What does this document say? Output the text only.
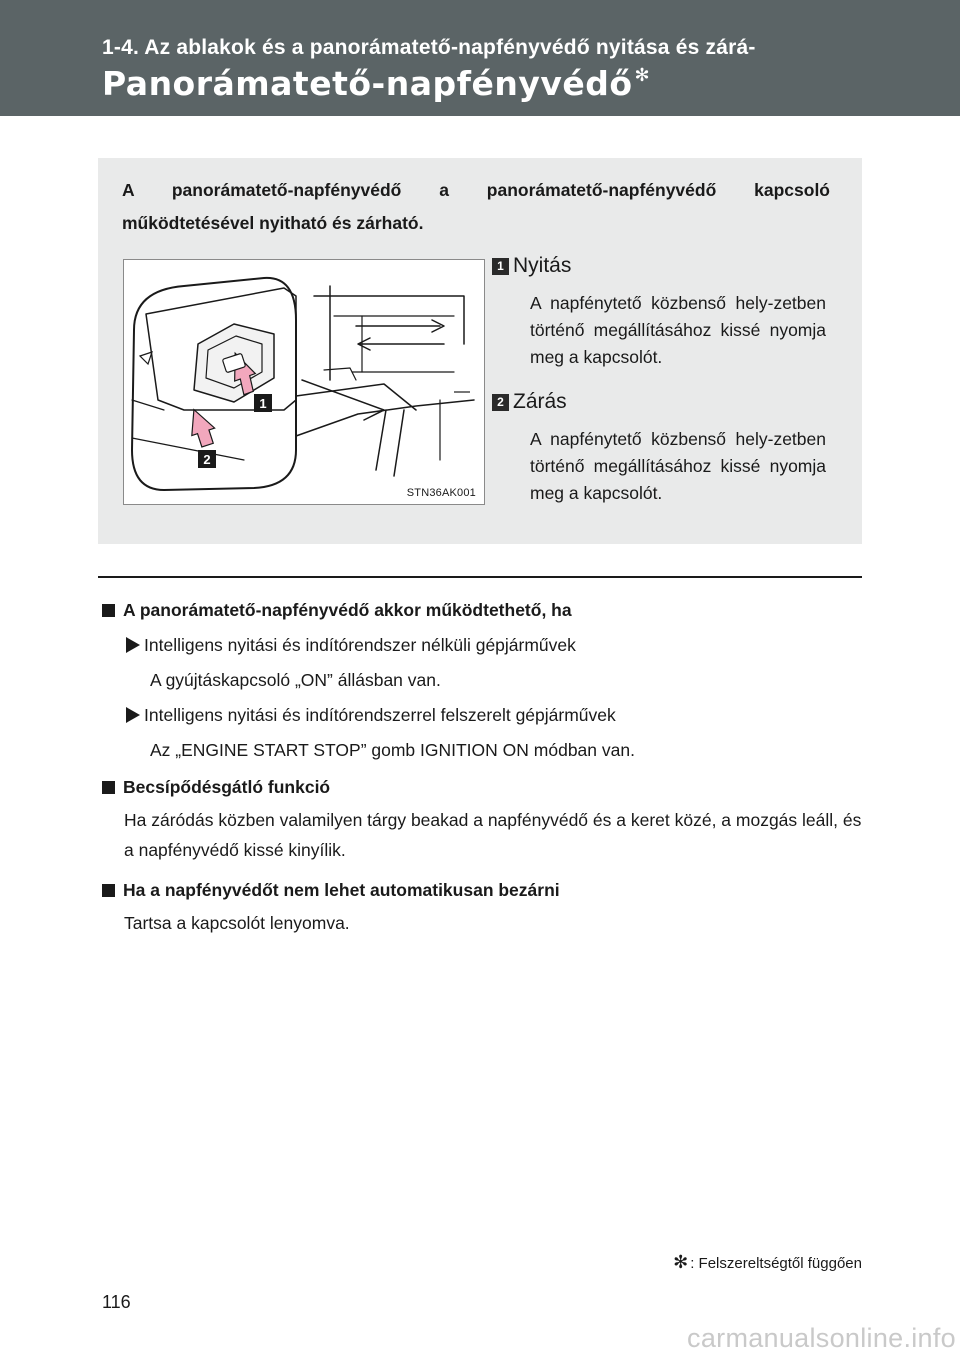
1-4. Az ablakok és a panorámatető-napfényvédő nyitása és zárá-
Panorámatető-napfényvédő ✻
A panorámatető-napfényvédő a panorámatető-napfényvédő kapcsoló működtetésével nyitható és zárható.
1
2
STN36AK001
1 Nyitás
A napfénytető közbenső hely-zetben történő megállításához kissé nyomja meg a kapcsolót.
2 Zárás
A napfénytető közbenső hely-zetben történő megállításához kissé nyomja meg a kapcsolót.
A panorámatető-napfényvédő akkor működtethető, ha
Intelligens nyitási és indítórendszer nélküli gépjárművek
A gyújtáskapcsoló „ON” állásban van.
Intelligens nyitási és indítórendszerrel felszerelt gépjárművek
Az „ENGINE START STOP” gomb IGNITION ON módban van.
Becsípődésgátló funkció
Ha záródás közben valamilyen tárgy beakad a napfényvédő és a keret közé, a mozgás leáll, és a napfényvédő kissé kinyílik.
Ha a napfényvédőt nem lehet automatikusan bezárni
Tartsa a kapcsolót lenyomva.
✻ : Felszereltségtől függően
116
carmanualsonline.info
